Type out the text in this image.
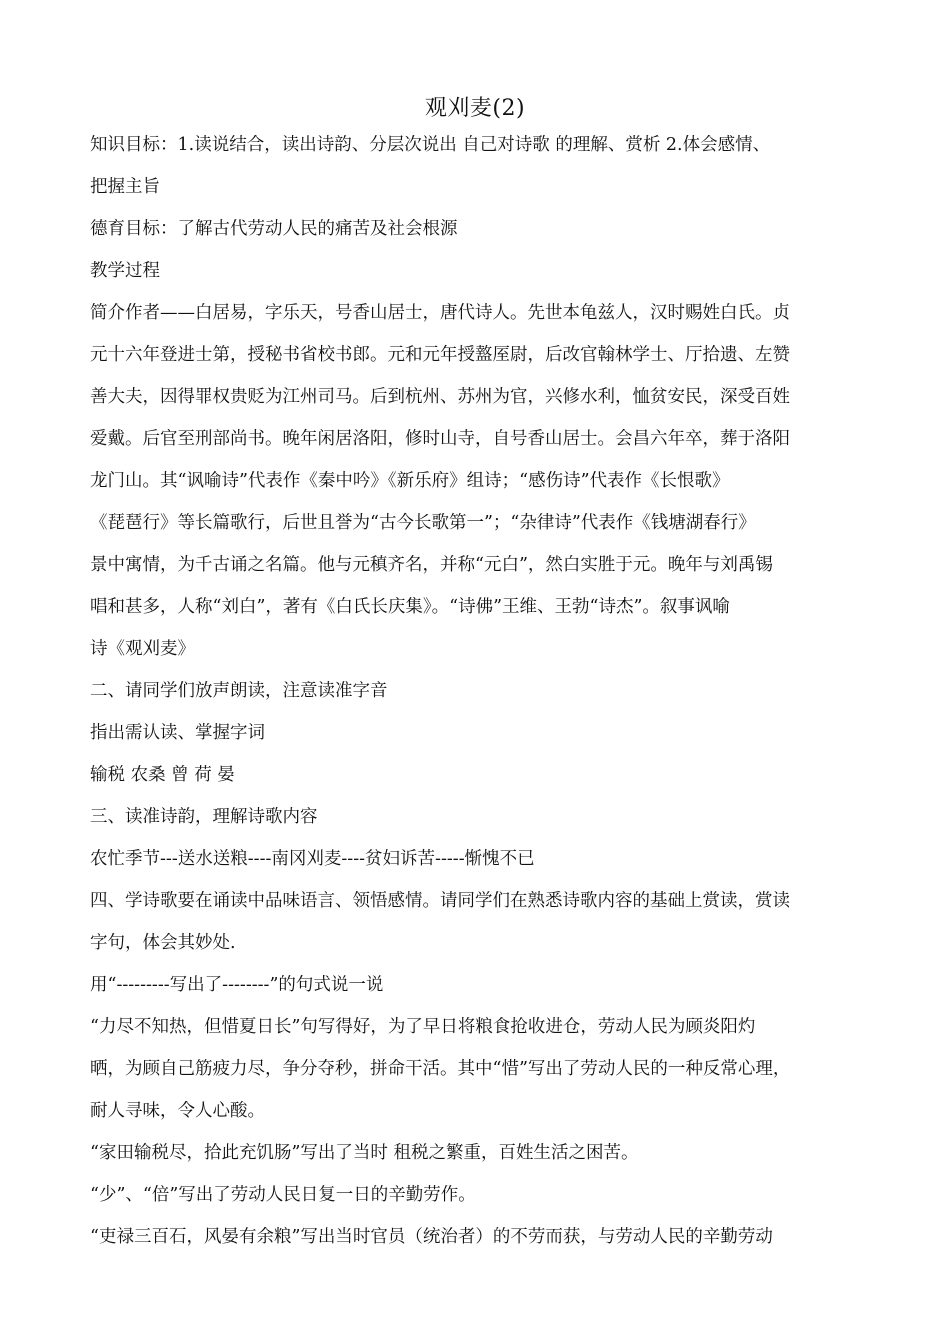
观刈麦(2)

知识目标：1.读说结合，读出诗韵、分层次说出 自己对诗歌 的理解、赏析 2.体会感情、

把握主旨

德育目标：了解古代劳动人民的痛苦及社会根源

教学过程

简介作者——白居易，字乐天，号香山居士，唐代诗人。先世本龟兹人，汉时赐姓白氏。贞

元十六年登进士第，授秘书省校书郎。元和元年授盩厔尉，后改官翰林学士、厅拾遗、左赞

善大夫，因得罪权贵贬为江州司马。后到杭州、苏州为官，兴修水利，恤贫安民，深受百姓

爱戴。后官至刑部尚书。晚年闲居洛阳，修时山寺，自号香山居士。会昌六年卒，葬于洛阳

龙门山。其“讽喻诗”代表作《秦中吟》《新乐府》组诗；“感伤诗”代表作《长恨歌》

《琵琶行》等长篇歌行，后世且誉为“古今长歌第一”；“杂律诗”代表作《钱塘湖春行》

景中寓情，为千古诵之名篇。他与元稹齐名，并称“元白”，然白实胜于元。晚年与刘禹锡

唱和甚多，人称“刘白”，著有《白氏长庆集》。“诗佛”王维、王勃“诗杰”。叙事讽喻

诗《观刈麦》

二、请同学们放声朗读，注意读准字音

指出需认读、掌握字词

输税 农桑 曾 荷 晏

三、读准诗韵，理解诗歌内容

农忙季节---送水送粮----南冈刈麦----贫妇诉苦-----惭愧不已

四、学诗歌要在诵读中品味语言、领悟感情。请同学们在熟悉诗歌内容的基础上赏读，赏读

字句，体会其妙处.

用“---------写出了--------”的句式说一说

“力尽不知热，但惜夏日长”句写得好，为了早日将粮食抢收进仓，劳动人民为顾炎阳灼

晒，为顾自己筋疲力尽，争分夺秒，拼命干活。其中“惜”写出了劳动人民的一种反常心理，

耐人寻味，令人心酸。

“家田输税尽，拾此充饥肠”写出了当时 租税之繁重，百姓生活之困苦。

“少”、“倍”写出了劳动人民日复一日的辛勤劳作。

“吏禄三百石，风晏有余粮”写出当时官员（统治者）的不劳而获，与劳动人民的辛勤劳动
